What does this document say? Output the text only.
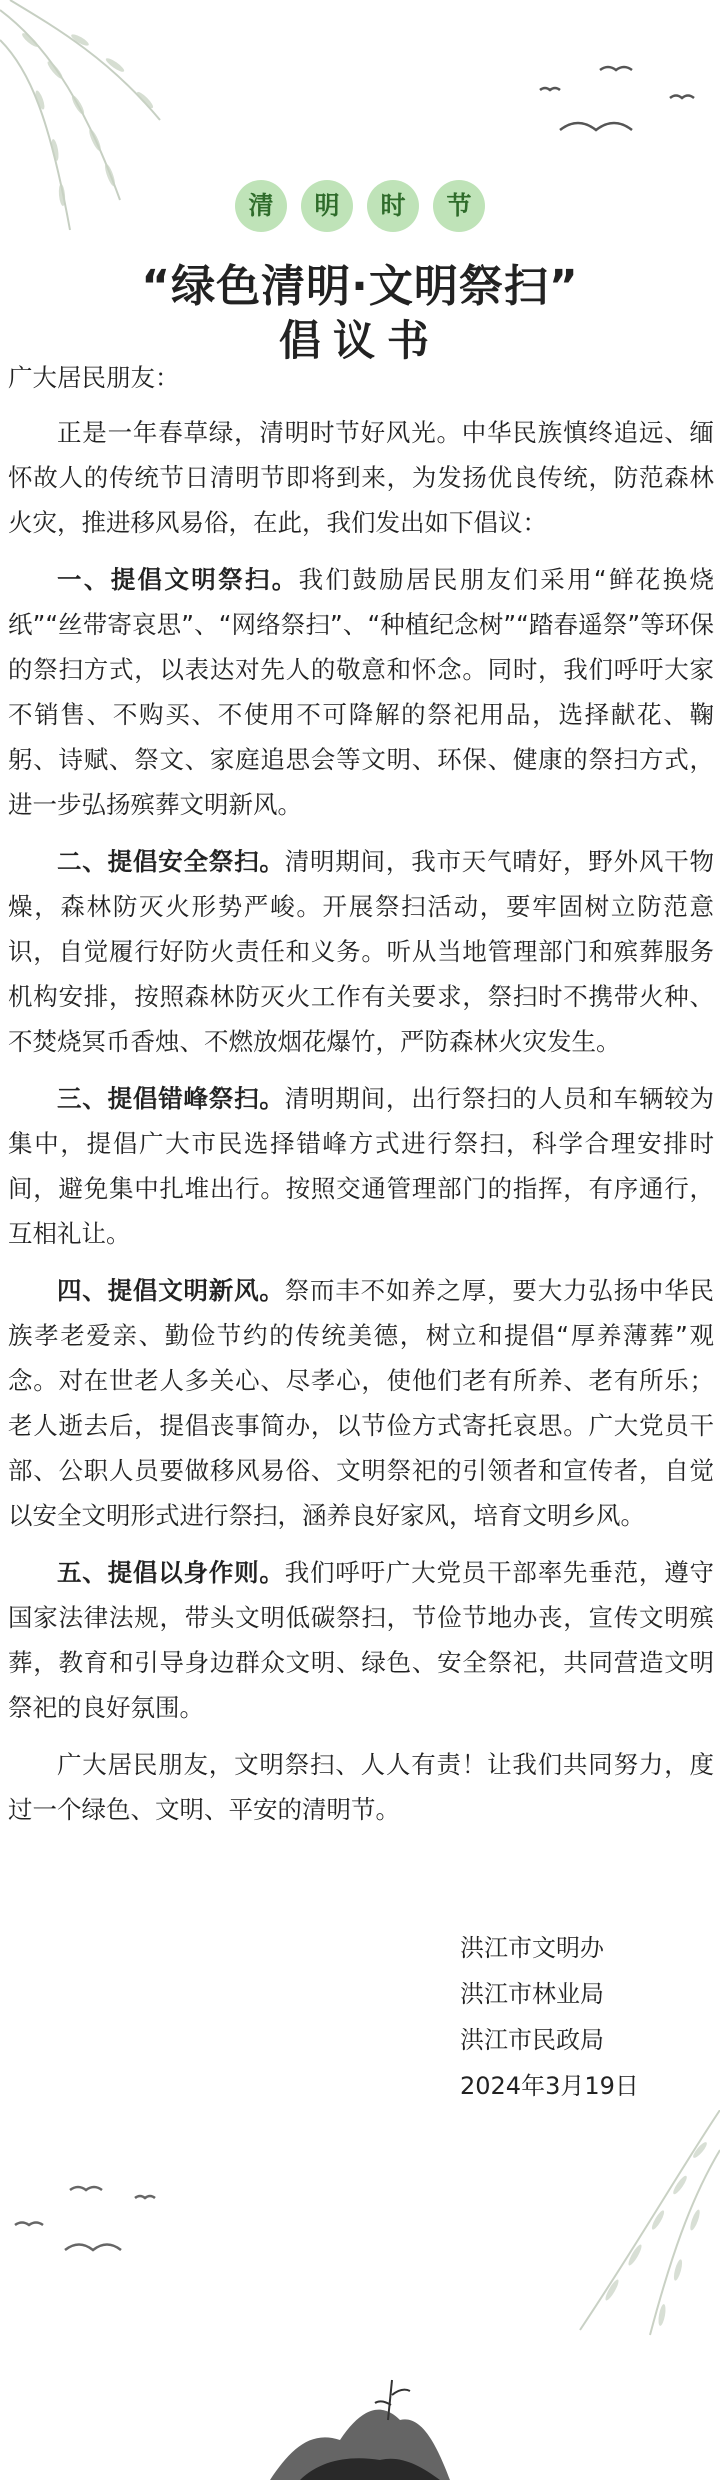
清	明	时	节
“绿色清明·文明祭扫”
倡议书

广大居民朋友：

正是一年春草绿，清明时节好风光。中华民族慎终追远、缅怀故人的传统节日清明节即将到来，为发扬优良传统，防范森林火灾，推进移风易俗，在此，我们发出如下倡议：

一、提倡文明祭扫。我们鼓励居民朋友们采用“鲜花换烧纸”“丝带寄哀思”、“网络祭扫”、“种植纪念树”“踏春遥祭”等环保的祭扫方式，以表达对先人的敬意和怀念。同时，我们呼吁大家不销售、不购买、不使用不可降解的祭祀用品，选择献花、鞠躬、诗赋、祭文、家庭追思会等文明、环保、健康的祭扫方式，进一步弘扬殡葬文明新风。

二、提倡安全祭扫。清明期间，我市天气晴好，野外风干物燥，森林防灭火形势严峻。开展祭扫活动，要牢固树立防范意识，自觉履行好防火责任和义务。听从当地管理部门和殡葬服务机构安排，按照森林防灭火工作有关要求，祭扫时不携带火种、不焚烧冥币香烛、不燃放烟花爆竹，严防森林火灾发生。

三、提倡错峰祭扫。清明期间，出行祭扫的人员和车辆较为集中，提倡广大市民选择错峰方式进行祭扫，科学合理安排时间，避免集中扎堆出行。按照交通管理部门的指挥，有序通行，互相礼让。

四、提倡文明新风。祭而丰不如养之厚，要大力弘扬中华民族孝老爱亲、勤俭节约的传统美德，树立和提倡“厚养薄葬”观念。对在世老人多关心、尽孝心，使他们老有所养、老有所乐；老人逝去后，提倡丧事简办，以节俭方式寄托哀思。广大党员干部、公职人员要做移风易俗、文明祭祀的引领者和宣传者，自觉以安全文明形式进行祭扫，涵养良好家风，培育文明乡风。

五、提倡以身作则。我们呼吁广大党员干部率先垂范，遵守国家法律法规，带头文明低碳祭扫，节俭节地办丧，宣传文明殡葬，教育和引导身边群众文明、绿色、安全祭祀，共同营造文明祭祀的良好氛围。

广大居民朋友，文明祭扫、人人有责！让我们共同努力，度过一个绿色、文明、平安的清明节。

洪江市文明办
洪江市林业局
洪江市民政局
2024年3月19日
